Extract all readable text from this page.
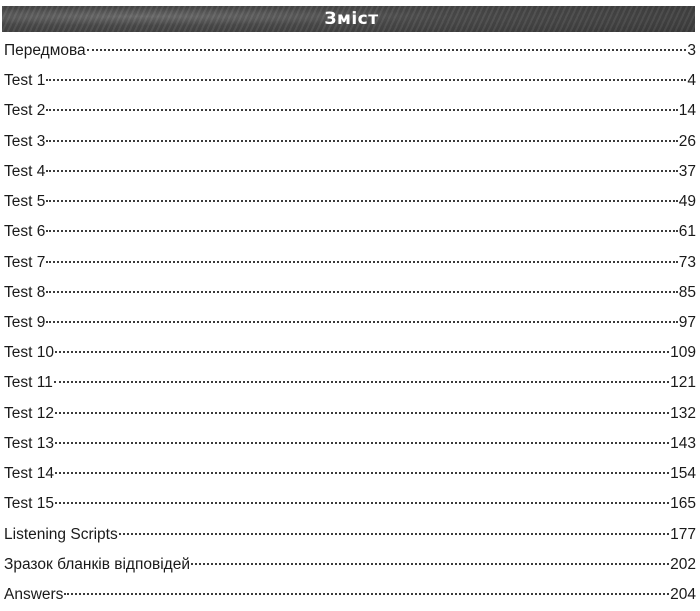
Зміст
Передмова	3
Test 1	4
Test 2	14
Test 3	26
Test 4	37
Test 5	49
Test 6	61
Test 7	73
Test 8	85
Test 9	97
Test 10	109
Test 11	121
Test 12	132
Test 13	143
Test 14	154
Test 15	165
Listening Scripts	177
Зразок бланків відповідей	202
Answers	204
